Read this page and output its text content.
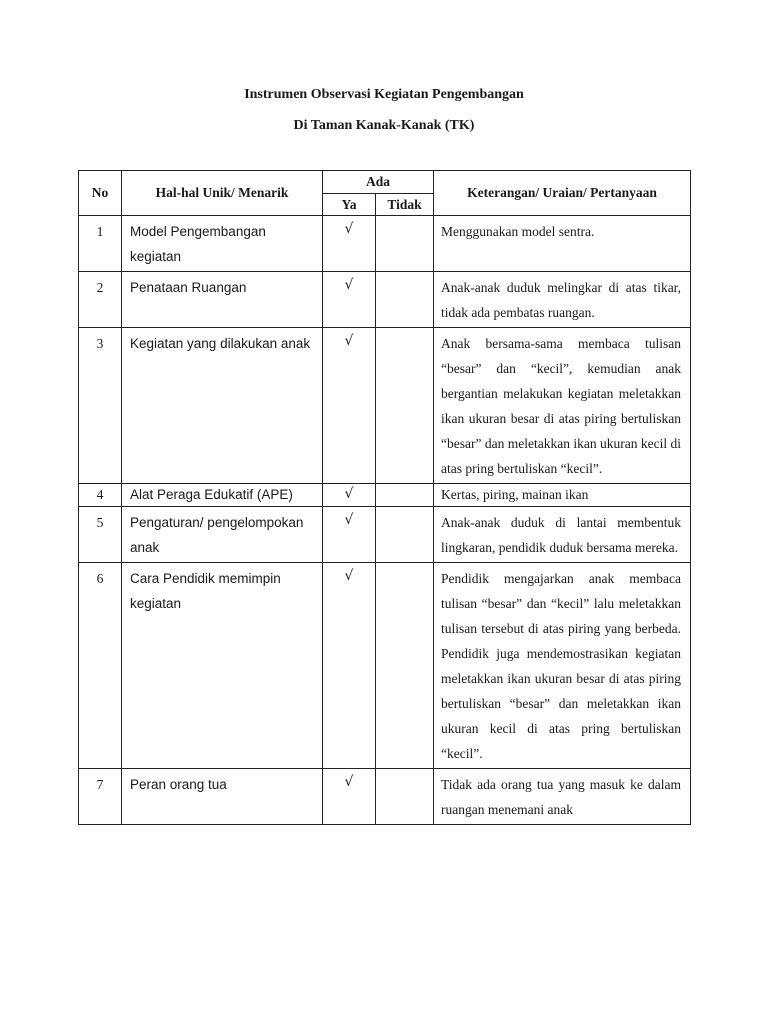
Instrumen Observasi Kegiatan Pengembangan
Di Taman Kanak-Kanak (TK)
No	Hal-hal Unik/ Menarik	Ada		Keterangan/ Uraian/ Pertanyaan
		Ya	Tidak	

1	Model Pengembangan kegiatan	√		Menggunakan model sentra.

2	Penataan Ruangan	√		Anak-anak duduk melingkar di atas tikar, tidak ada pembatas ruangan.

3	Kegiatan yang dilakukan anak	√		Anak bersama-sama membaca tulisan “besar” dan “kecil”, kemudian anak bergantian melakukan kegiatan meletakkan ikan ukuran besar di atas piring bertuliskan “besar” dan meletakkan ikan ukuran kecil di atas pring bertuliskan “kecil”.

4	Alat Peraga Edukatif (APE)	√		Kertas, piring, mainan ikan

5	Pengaturan/ pengelompokan anak	√		Anak-anak duduk di lantai membentuk lingkaran, pendidik duduk bersama mereka.

6	Cara Pendidik memimpin kegiatan	√		Pendidik mengajarkan anak membaca tulisan “besar” dan “kecil” lalu meletakkan tulisan tersebut di atas piring yang berbeda. Pendidik juga mendemostrasikan kegiatan meletakkan ikan ukuran besar di atas piring bertuliskan “besar” dan meletakkan ikan ukuran kecil di atas pring bertuliskan “kecil”.

7	Peran orang tua	√		Tidak ada orang tua yang masuk ke dalam ruangan menemani anak
